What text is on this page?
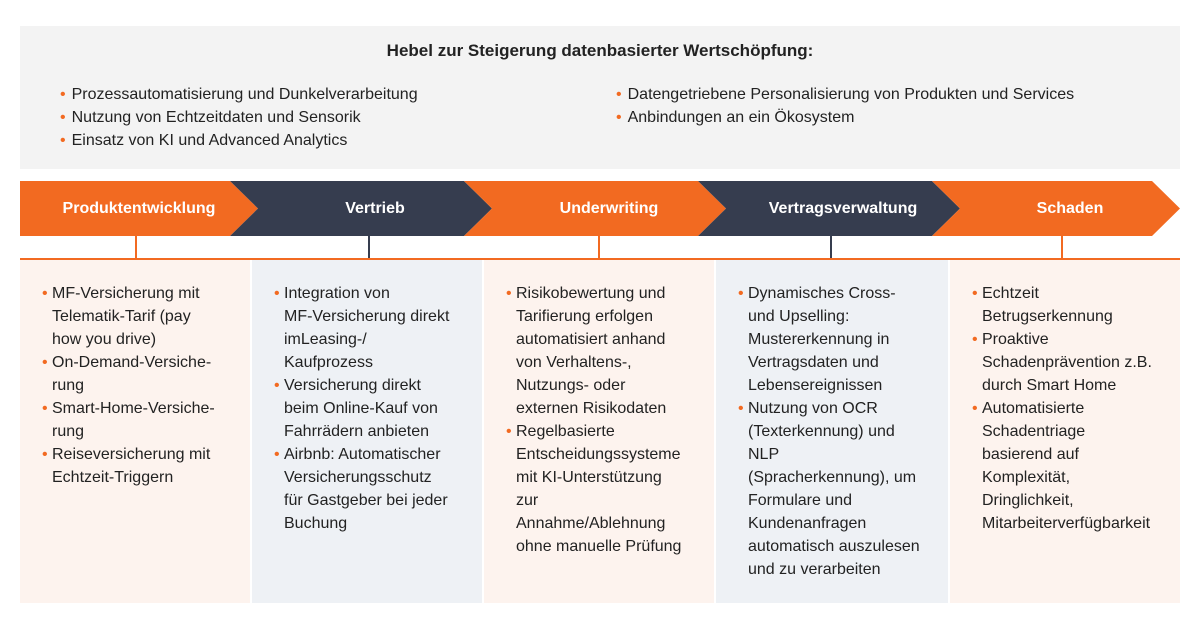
Hebel zur Steigerung datenbasierter Wertschöpfung:
• Prozessautomatisierung und Dunkelverarbeitung
• Nutzung von Echtzeitdaten und Sensorik
• Einsatz von KI und Advanced Analytics
• Datengetriebene Personalisierung von Produkten und Services
• Anbindungen an ein Ökosystem
Produktentwicklung	Vertrieb	Underwriting	Vertragsverwaltung	Schaden
• MF-Versicherung mit
Telematik-Tarif (pay
how you drive)
• On-Demand-Versiche-
rung
• Smart-Home-Versiche-
rung
• Reiseversicherung mit
Echtzeit-Triggern
• Integration von
MF-Versicherung direkt
imLeasing-/
Kaufprozess
• Versicherung direkt
beim Online-Kauf von
Fahrrädern anbieten
• Airbnb: Automatischer
Versicherungsschutz
für Gastgeber bei jeder
Buchung
• Risikobewertung und
Tarifierung erfolgen
automatisiert anhand
von Verhaltens-,
Nutzungs- oder
externen Risikodaten
• Regelbasierte
Entscheidungssysteme
mit KI-Unterstützung
zur
Annahme/Ablehnung
ohne manuelle Prüfung
• Dynamisches Cross-
und Upselling:
Mustererkennung in
Vertragsdaten und
Lebensereignissen
• Nutzung von OCR
(Texterkennung) und
NLP
(Spracherkennung), um
Formulare und
Kundenanfragen
automatisch auszulesen
und zu verarbeiten
• Echtzeit
Betrugserkennung
• Proaktive
Schadenprävention z.B.
durch Smart Home
• Automatisierte
Schadentriage
basierend auf
Komplexität,
Dringlichkeit,
Mitarbeiterverfügbarkeit
